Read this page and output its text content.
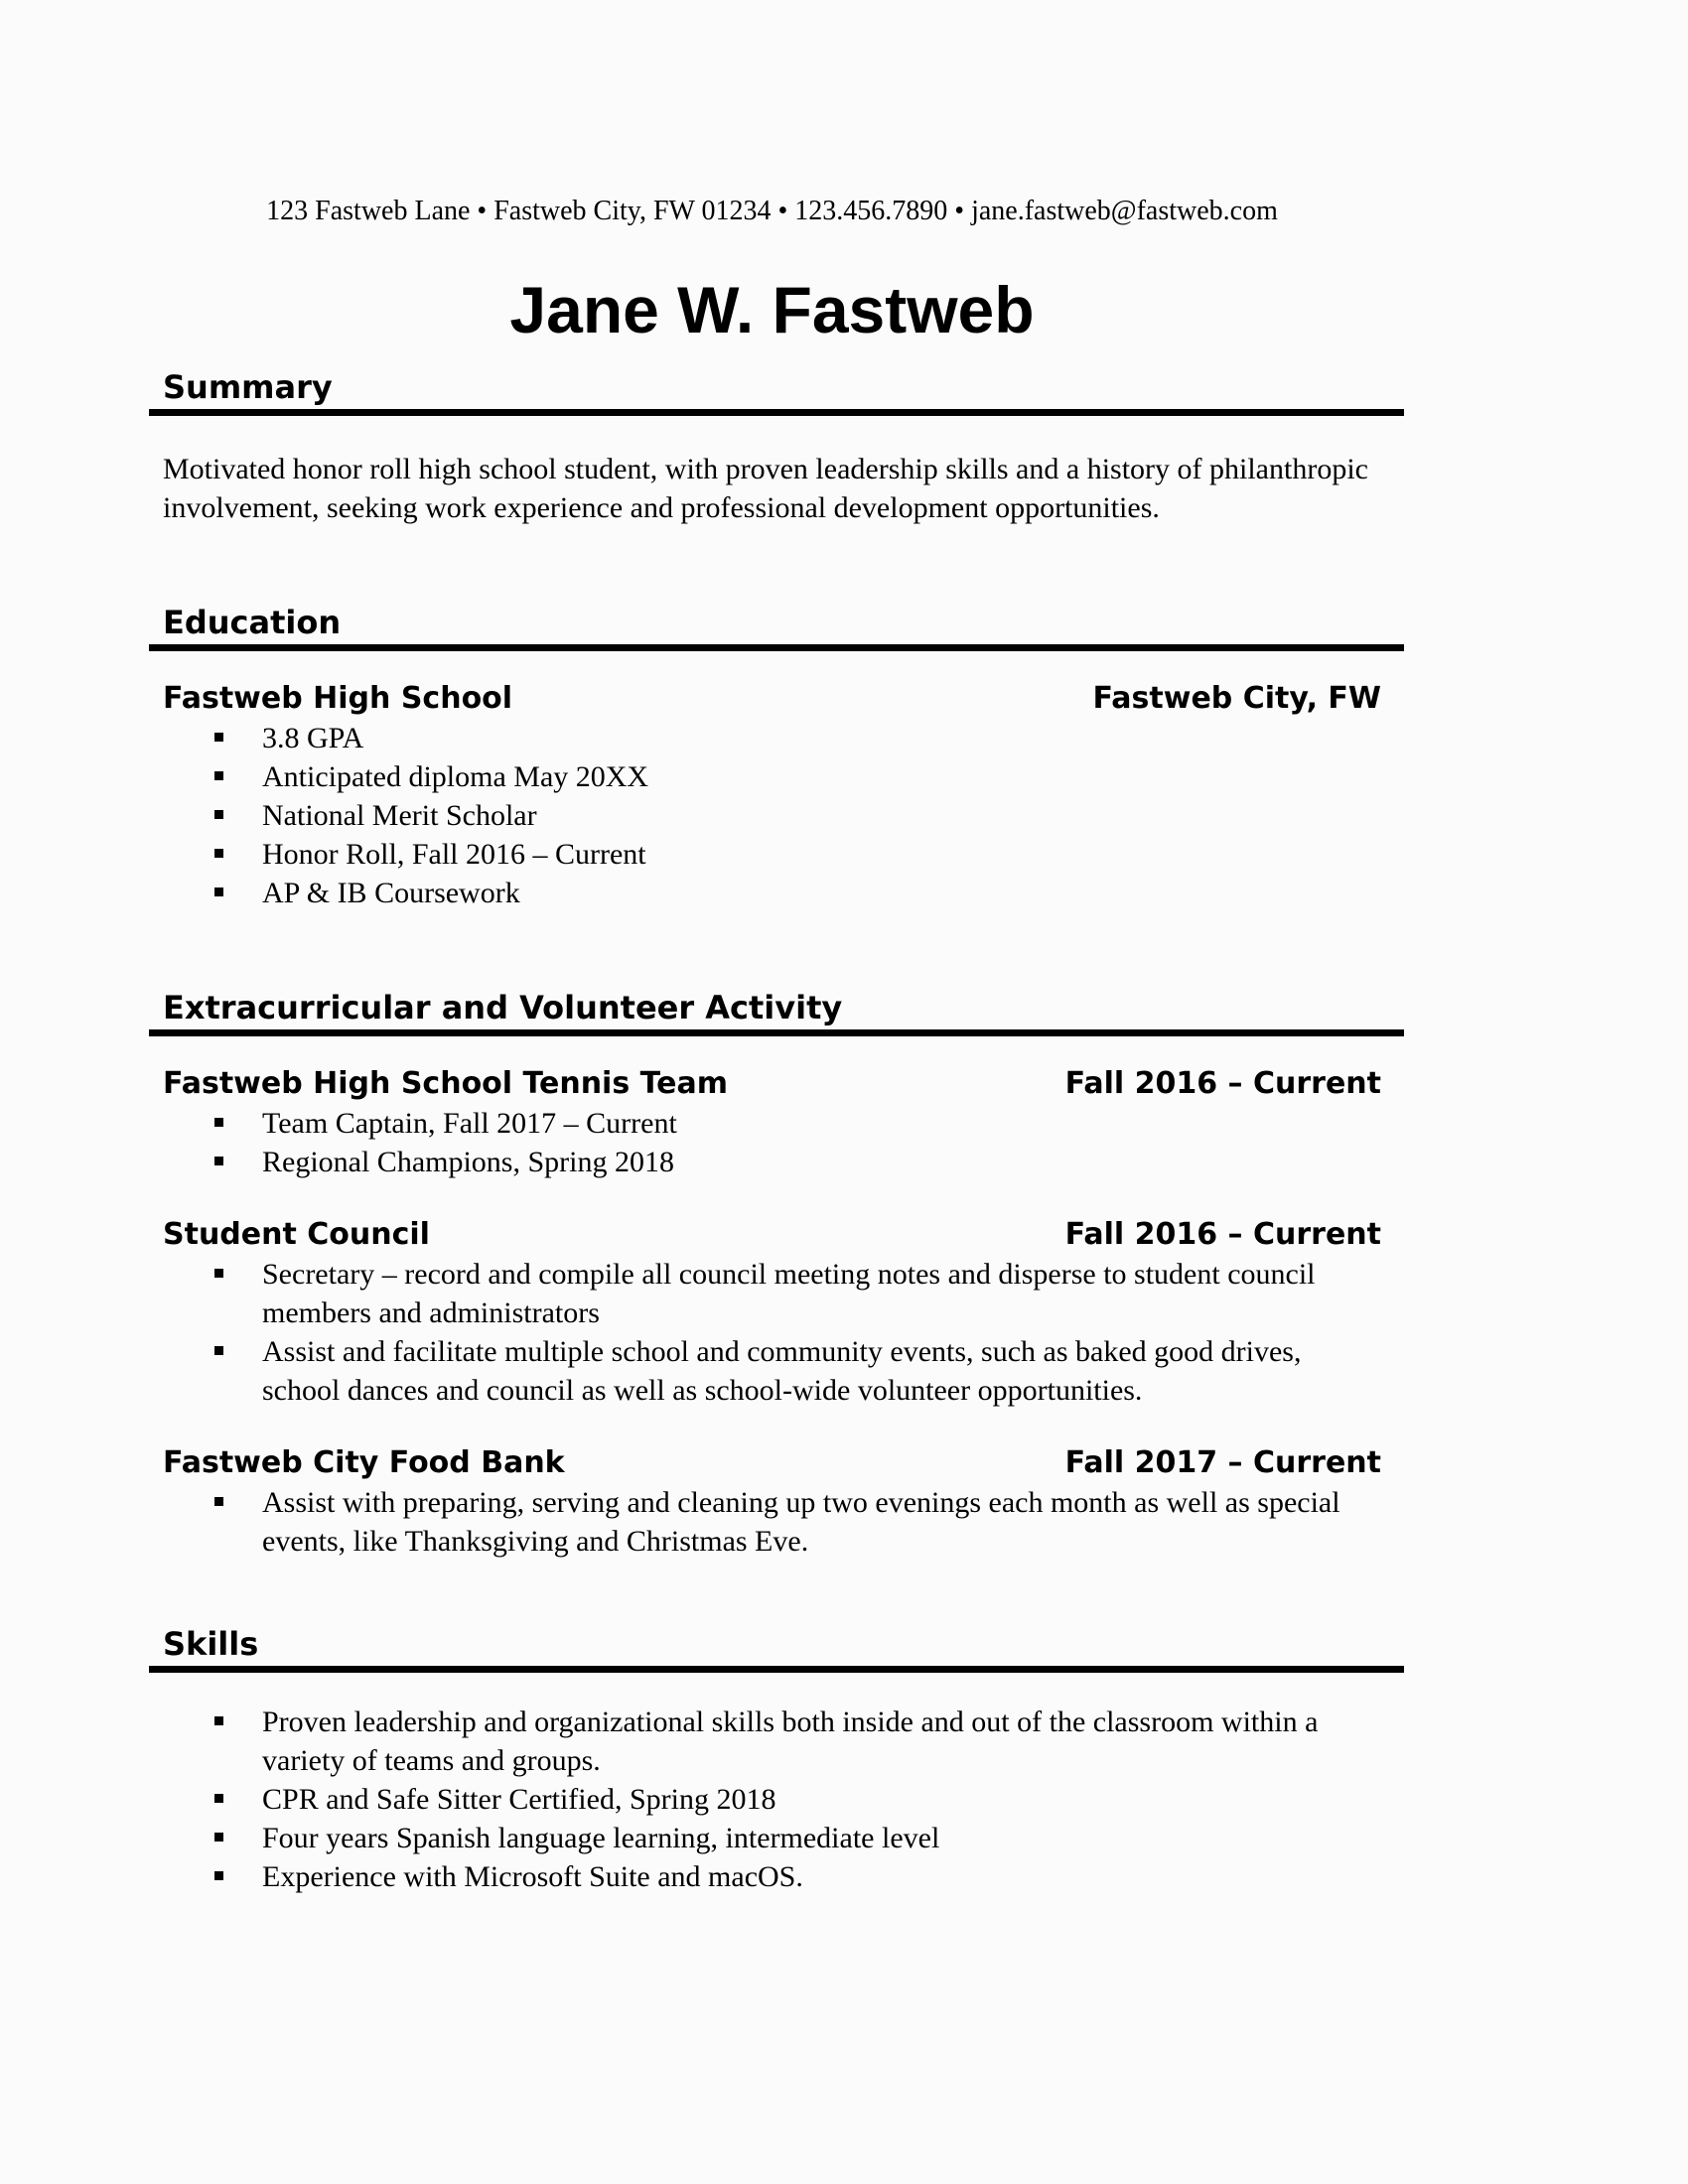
123 Fastweb Lane • Fastweb City, FW 01234 • 123.456.7890 • jane.fastweb@fastweb.com
Jane W. Fastweb
Summary

Motivated honor roll high school student, with proven leadership skills and a history of philanthropic involvement, seeking work experience and professional development opportunities.

Education
Fastweb High School	Fastweb City, FW
3.8 GPA
Anticipated diploma May 20XX
National Merit Scholar
Honor Roll, Fall 2016 – Current
AP & IB Coursework
Extracurricular and Volunteer Activity
Fastweb High School Tennis Team	Fall 2016 – Current
Team Captain, Fall 2017 – Current
Regional Champions, Spring 2018
Student Council	Fall 2016 – Current
Secretary – record and compile all council meeting notes and disperse to student council members and administrators
Assist and facilitate multiple school and community events, such as baked good drives, school dances and council as well as school-wide volunteer opportunities.
Fastweb City Food Bank	Fall 2017 – Current
Assist with preparing, serving and cleaning up two evenings each month as well as special events, like Thanksgiving and Christmas Eve.
Skills
Proven leadership and organizational skills both inside and out of the classroom within a variety of teams and groups.
CPR and Safe Sitter Certified, Spring 2018
Four years Spanish language learning, intermediate level
Experience with Microsoft Suite and macOS.
